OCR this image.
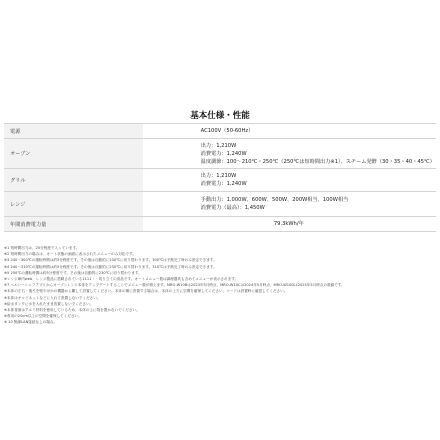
基本仕様・性能
電源	AC100V（50-60Hz）

オーブン	出力：1,210W
消費電力：1,240W
温度調節：100～210℃・250℃（250℃は短時間出力※1）、スチーム発酵（30・35・40・45℃）

グリル	出力：1,210W
消費電力：1,240W

レンジ	手動出力：1,000W、600W、500W、200W相当、100W相当
消費電力（最高）：1,450W

年間消費電力量	79.3kWh/年
※1 短時間出力は、25分程度で入っています。
※2 短時間出力の場合は、オート状態の画面に表示されたメニューのみ対応です。
※3 240～300℃の運転時間は約5分程度です。その後は自動的に230℃に切り替わります。300℃は予熱完了時のみ設定できます。
※4 240～310℃の運転時間は約5分程度です。その後は自動的に230℃に切り替わります。310℃は予熱完了時のみ設定できます。
※5 250℃の運転時間は約5分程度です。その後は自動的に230℃に切り替わります。
※レンジ庫内web、レンジ製品に搭載されている1111・・切り立ての食品です。オートメニュー数は調理器具も含めてメニューが表示されます。
※7 ヘルシーシェフアプリからオーブンレンジ本体をアップデートすることでメニュー数が増えます。MRO-W10Bは2023年5月時点、MRO-W10Cは2024年5月時点、MRO-W10Dは2025年5月時点の数値です。
※本体の左右・後ろを壁やほかの機器から離して設置してください。本体の横に設置する場合は、本体の上方に空間を確保してください。コードは設置時に確認してください。
※本体はキャビネットなどに入れて設置しないでください。
※給水タンクに水を入れたまま放置しないでください。
※本体背面はアルミ材料を使用しているため、本体の上に物を置かないでください。
※専用の20cm以上の空間を確保してください。
※ 10 無線LAN接続なしの場合。
